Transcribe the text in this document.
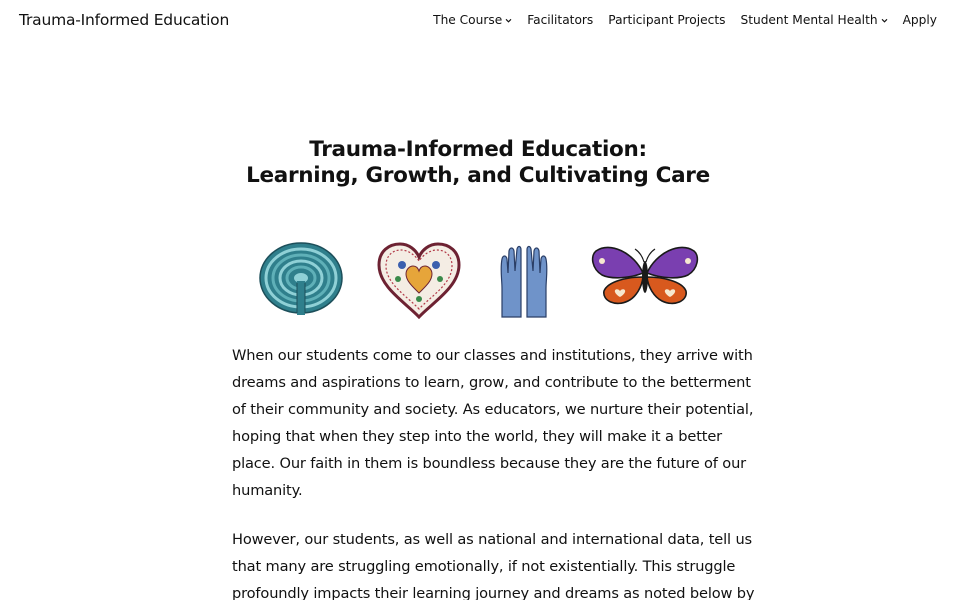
Trauma-Informed Education	The Course Facilitators Participant Projects Student Mental Health Apply
Trauma-Informed Education:
Learning, Growth, and Cultivating Care
When our students come to our classes and institutions, they arrive with
dreams and aspirations to learn, grow, and contribute to the betterment
of their community and society. As educators, we nurture their potential,
hoping that when they step into the world, they will make it a better
place. Our faith in them is boundless because they are the future of our
humanity.
However, our students, as well as national and international data, tell us
that many are struggling emotionally, if not existentially. This struggle
profoundly impacts their learning journey and dreams as noted below by
